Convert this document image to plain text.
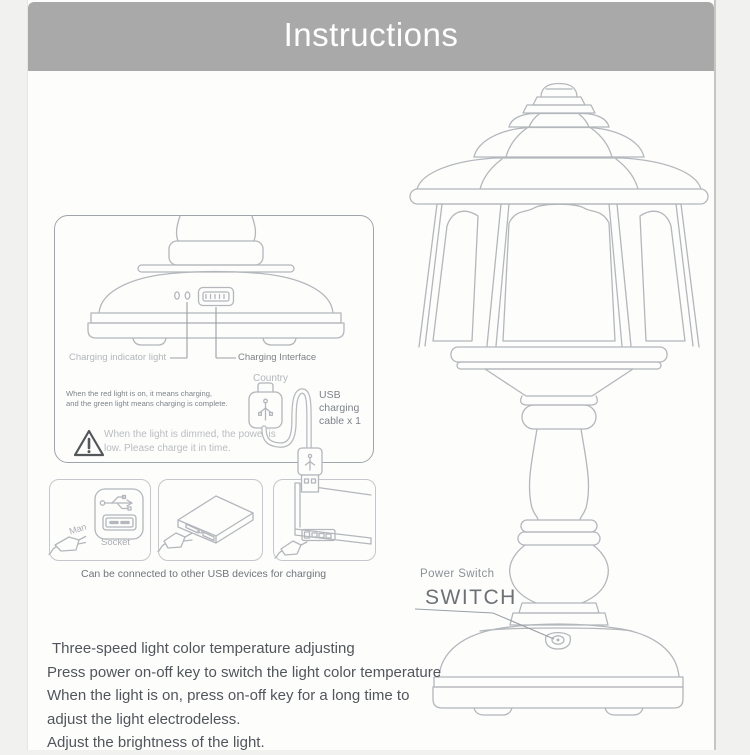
Instructions
Charging indicator light	Charging Interface
When the red light is on, it means charging,
and the green light means charging is complete.
Country
USB charging cable x 1
When the light is dimmed, the power is
low. Please charge it in time.
Man
Socket
Can be connected to other USB devices for charging	Power Switch
SWITCH
Three-speed light color temperature adjusting
Press power on-off key to switch the light color temperature
When the light is on, press on-off key for a long time to
adjust the light electrodeless.
Adjust the brightness of the light.
